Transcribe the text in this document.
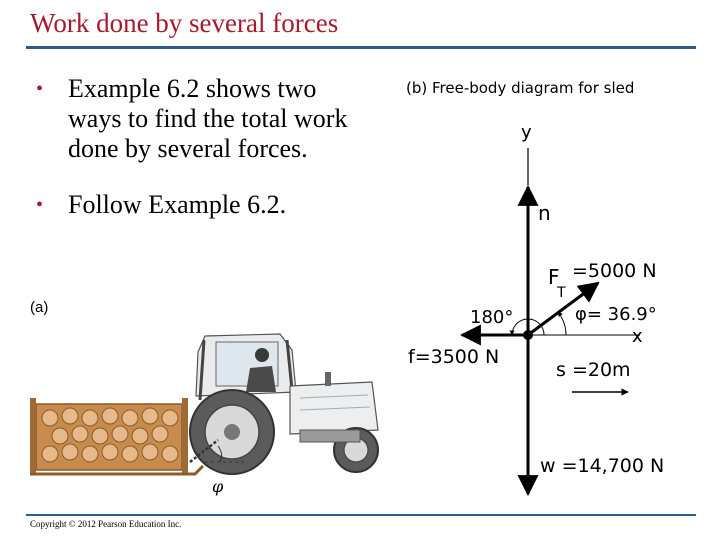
Work done by several forces
• Example 6.2 shows two ways to find the total work done by several forces.
• Follow Example 6.2.
(a)
φ
(b) Free-body diagram for sled
y
x
n
w =14,700 N
f=3500 N
F
T
=5000 N
180°	φ= 36.9°
s =20m
Copyright © 2012 Pearson Education Inc.
